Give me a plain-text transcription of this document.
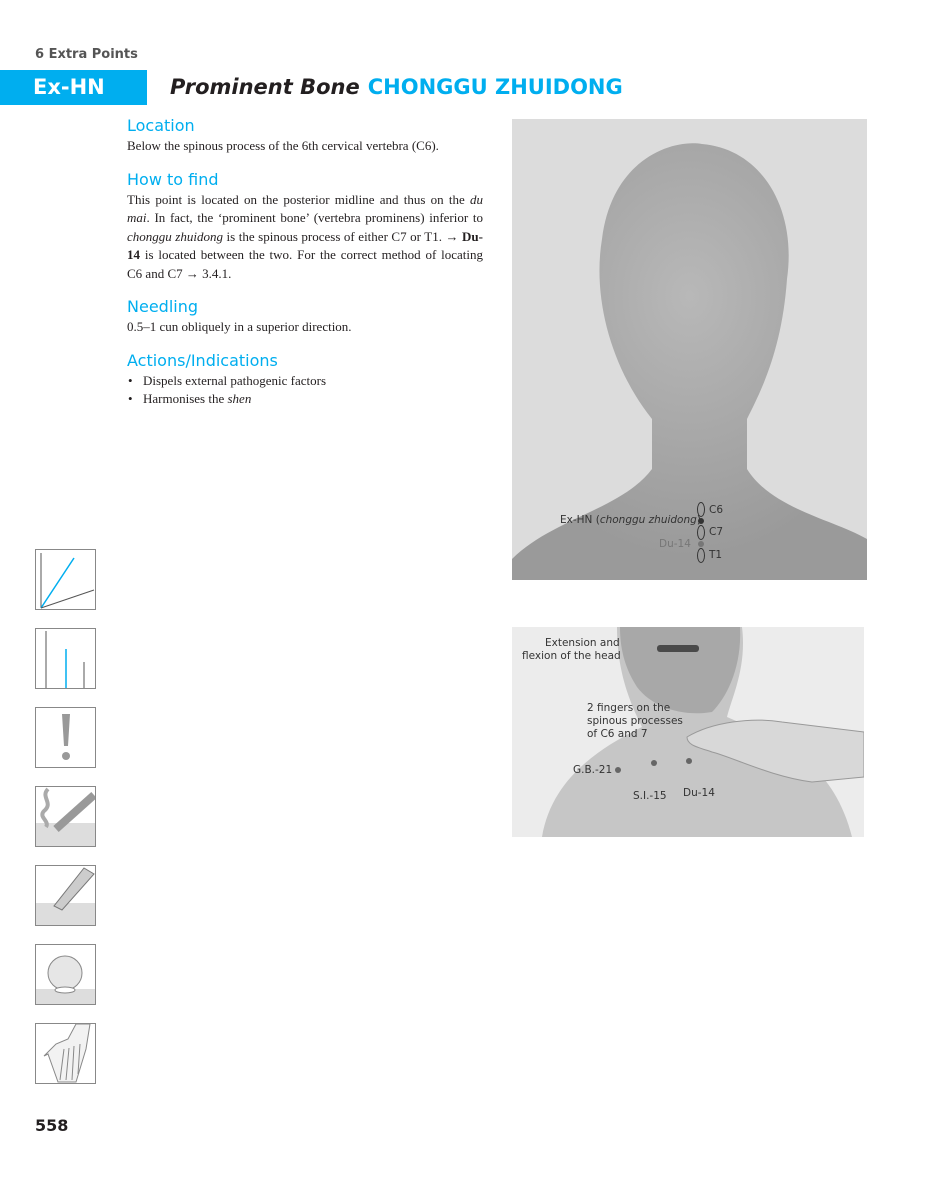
6 Extra Points
Ex-HN	Prominent Bone CHONGGU ZHUIDONG
Location

Below the spinous process of the 6th cervical vertebra (C6).

How to find

This point is located on the posterior midline and thus on the du mai. In fact, the ‘prominent bone’ (vertebra prominens) inferior to chonggu zhuidong is the spinous process of either C7 or T1. → Du-14 is located between the two. For the correct method of locating C6 and C7 → 3.4.1.

Needling

0.5–1 cun obliquely in a superior direction.

Actions/Indications
• Dispels external pathogenic factors
• Harmonises the shen
C6
Ex-HN (chonggu zhuidong)
C7
Du-14
T1
Extension and
flexion of the head
2 fingers on the
spinous processes
of C6 and 7
G.B.-21
S.I.-15 Du-14
558
